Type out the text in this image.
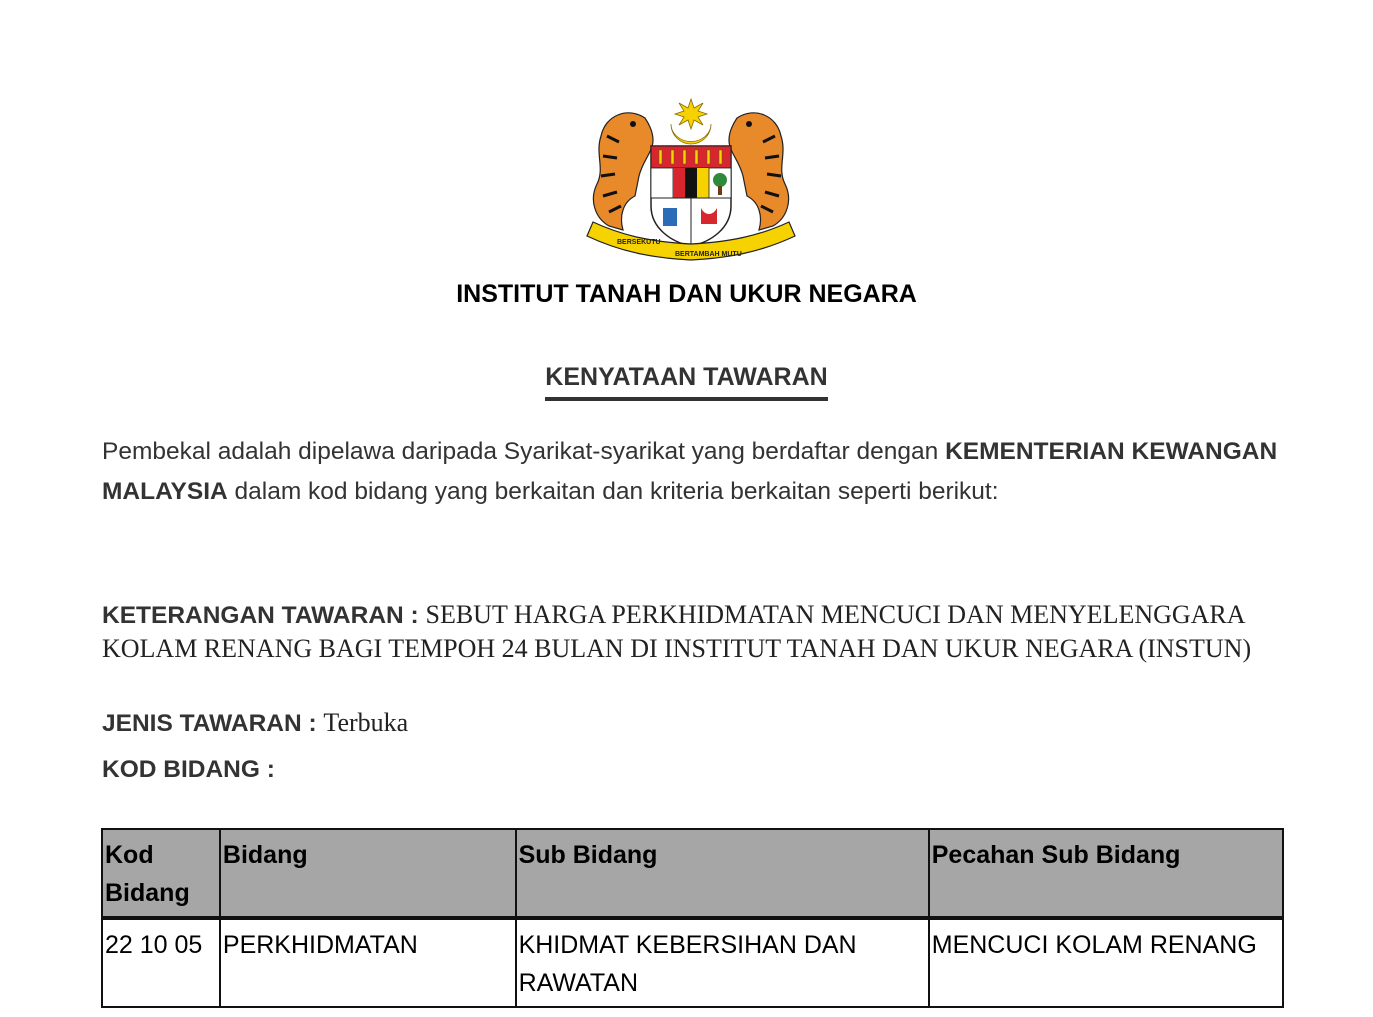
BERSEKUTU
BERTAMBAH MUTU
INSTITUT TANAH DAN UKUR NEGARA
KENYATAAN TAWARAN
Pembekal adalah dipelawa daripada Syarikat-syarikat yang berdaftar dengan KEMENTERIAN KEWANGAN MALAYSIA dalam kod bidang yang berkaitan dan kriteria berkaitan seperti berikut:
KETERANGAN TAWARAN : SEBUT HARGA PERKHIDMATAN MENCUCI DAN MENYELENGGARA KOLAM RENANG BAGI TEMPOH 24 BULAN DI INSTITUT TANAH DAN UKUR NEGARA (INSTUN)
JENIS TAWARAN : Terbuka
KOD BIDANG :
Kod Bidang	Bidang	Sub Bidang	Pecahan Sub Bidang
22 10 05	PERKHIDMATAN	KHIDMAT KEBERSIHAN DAN RAWATAN	MENCUCI KOLAM RENANG
